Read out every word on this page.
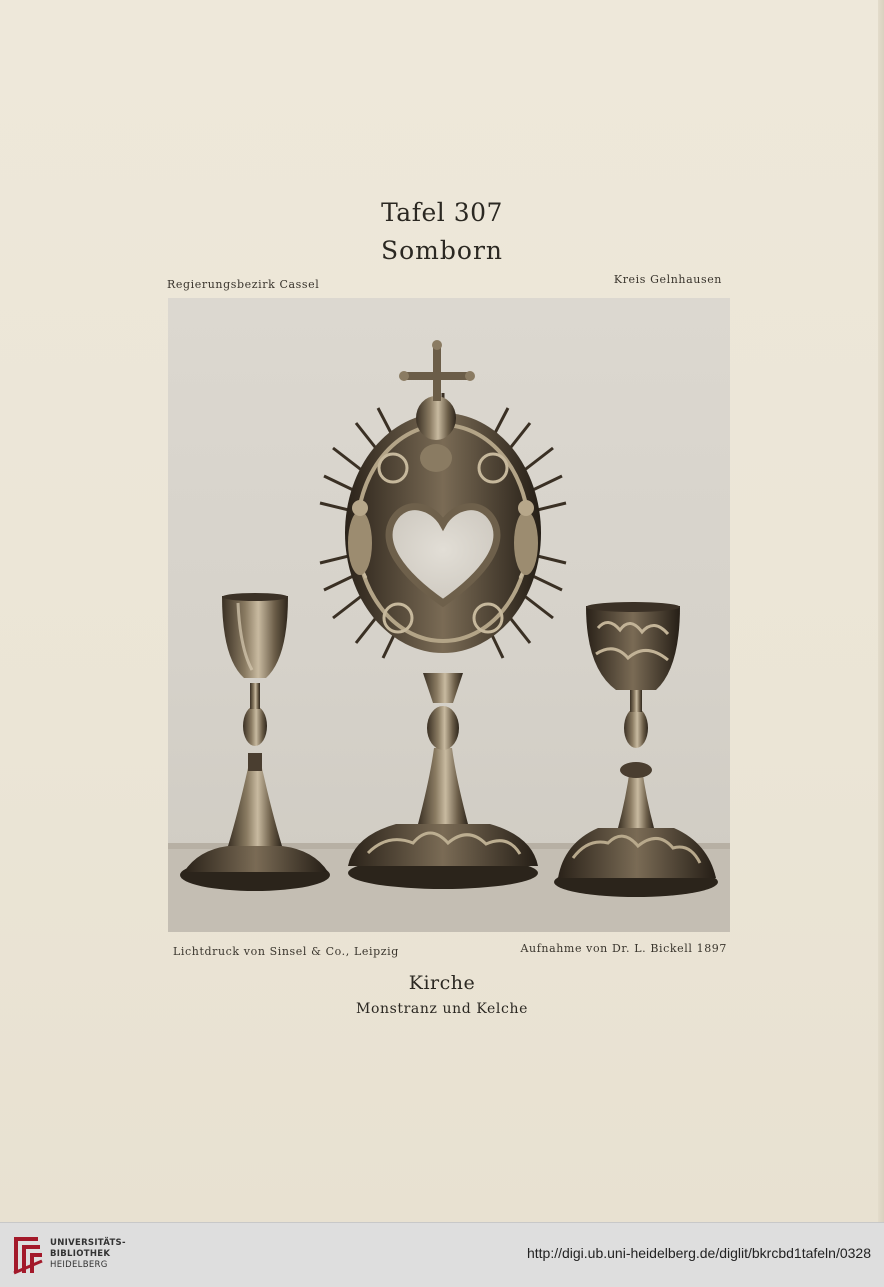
Tafel 307
Somborn
Regierungsbezirk Cassel	Kreis Gelnhausen
Lichtdruck von Sinsel & Co., Leipzig	Aufnahme von Dr. L. Bickell 1897
Kirche
Monstranz und Kelche
UNIVERSITÄTS-
BIBLIOTHEK
HEIDELBERG
http://digi.ub.uni-heidelberg.de/diglit/bkrcbd1tafeln/0328
